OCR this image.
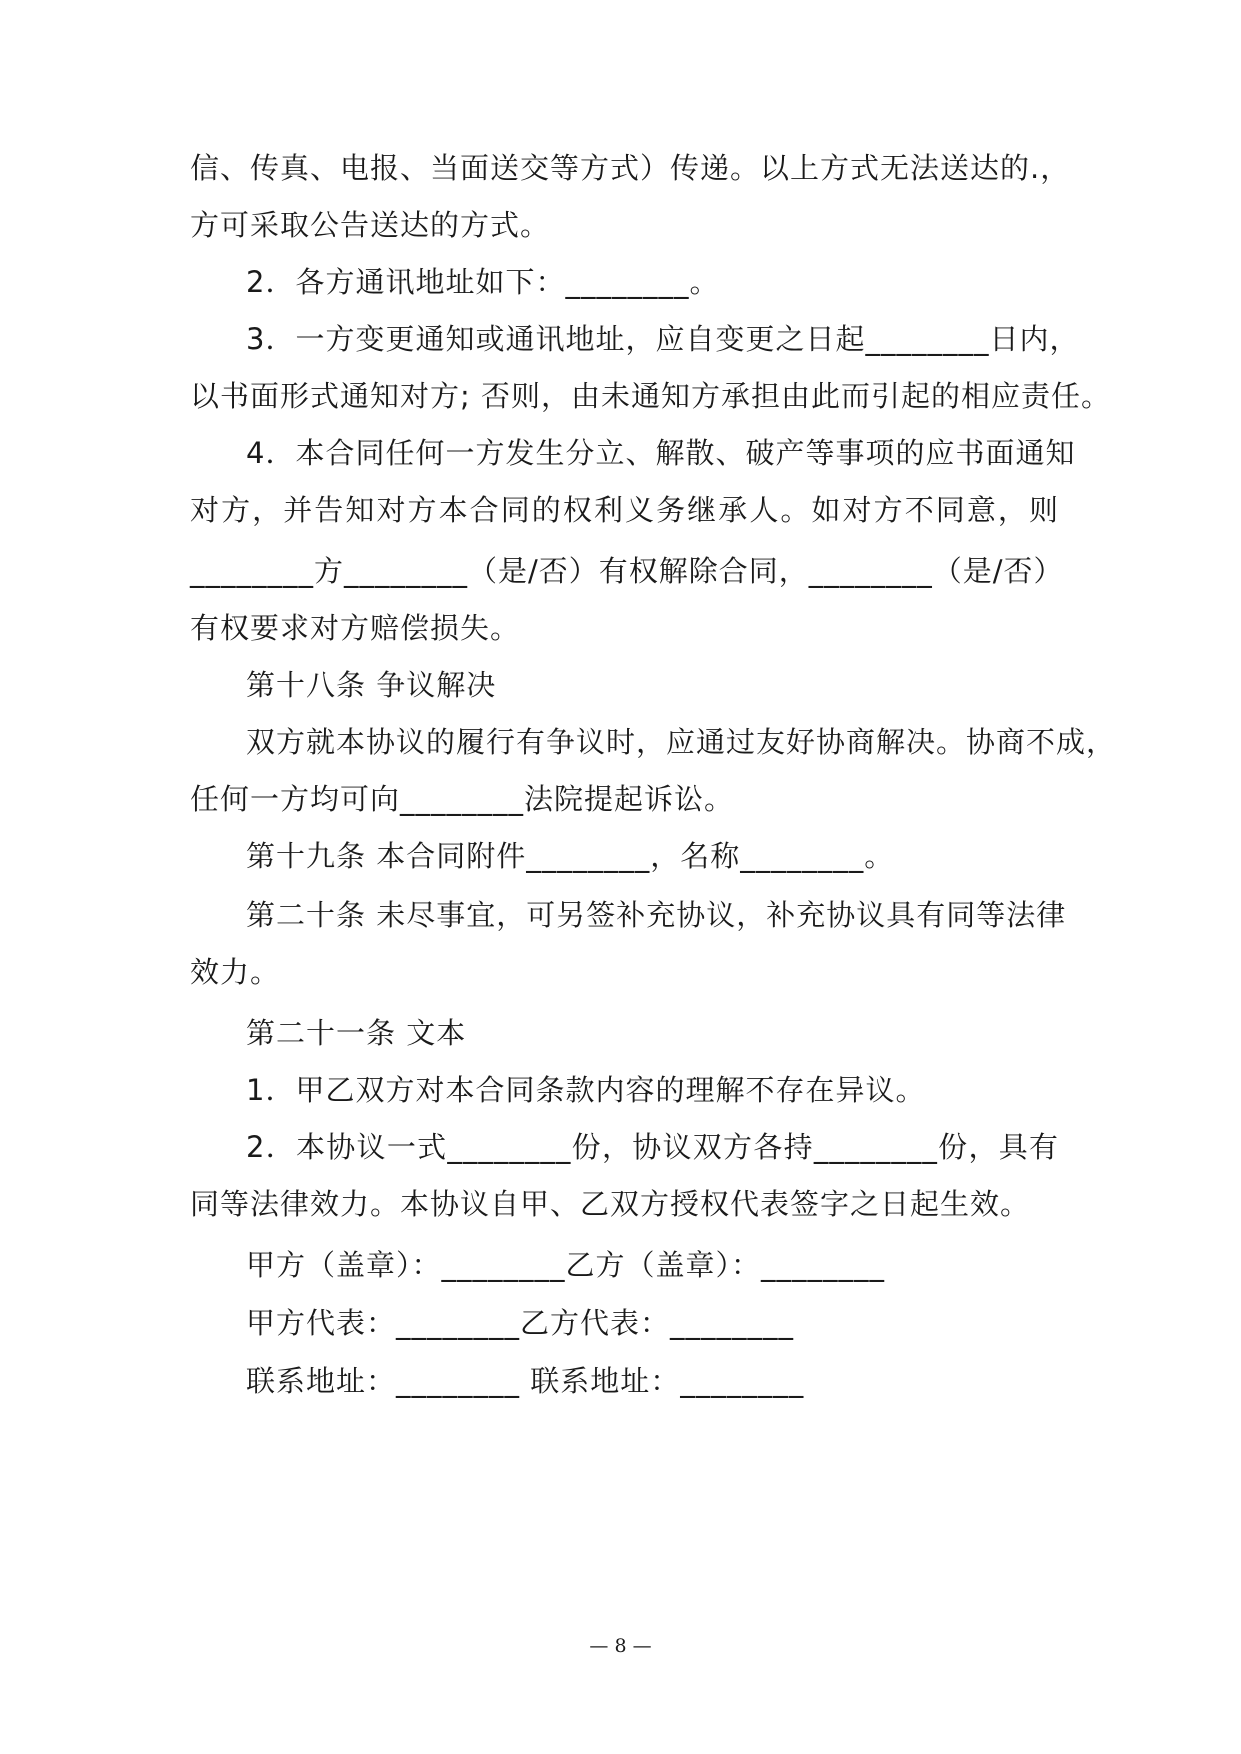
信、传真、电报、当面送交等方式）传递。以上方式无法送达的.，
方可采取公告送达的方式。
2．各方通讯地址如下：________。
3．一方变更通知或通讯地址，应自变更之日起________日内，
以书面形式通知对方; 否则，由未通知方承担由此而引起的相应责任。
4．本合同任何一方发生分立、解散、破产等事项的应书面通知
对方，并告知对方本合同的权利义务继承人。如对方不同意，则
________方________（是/否）有权解除合同，________（是/否）
有权要求对方赔偿损失。
第十八条 争议解决
双方就本协议的履行有争议时，应通过友好协商解决。协商不成，
任何一方均可向________法院提起诉讼。
第十九条 本合同附件________，名称________。
第二十条 未尽事宜，可另签补充协议，补充协议具有同等法律
效力。
第二十一条 文本
1．甲乙双方对本合同条款内容的理解不存在异议。
2．本协议一式________份，协议双方各持________份，具有
同等法律效力。本协议自甲、乙双方授权代表签字之日起生效。
甲方（盖章）：________乙方（盖章）：________
甲方代表：________乙方代表：________
联系地址：________ 联系地址：________
— 8 —
